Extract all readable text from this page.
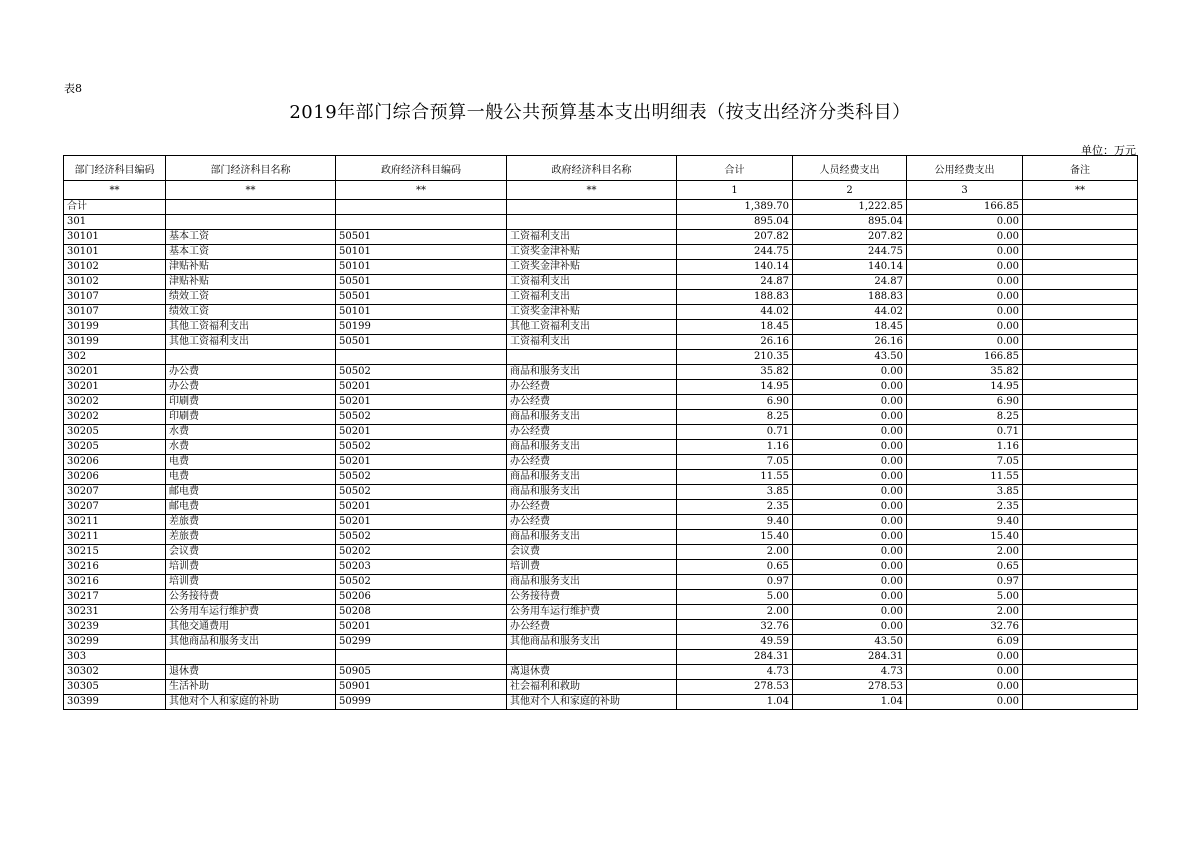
表8
2019年部门综合预算一般公共预算基本支出明细表（按支出经济分类科目）
单位：万元
部门经济科目编码	部门经济科目名称	政府经济科目编码	政府经济科目名称	合计	人员经费支出	公用经费支出	备注
**	**	**	**	1	2	3	**
合计				1,389.70	1,222.85	166.85	
301				895.04	895.04	0.00	
30101	基本工资	50501	工资福利支出	207.82	207.82	0.00	
30101	基本工资	50101	工资奖金津补贴	244.75	244.75	0.00	
30102	津贴补贴	50101	工资奖金津补贴	140.14	140.14	0.00	
30102	津贴补贴	50501	工资福利支出	24.87	24.87	0.00	
30107	绩效工资	50501	工资福利支出	188.83	188.83	0.00	
30107	绩效工资	50101	工资奖金津补贴	44.02	44.02	0.00	
30199	其他工资福利支出	50199	其他工资福利支出	18.45	18.45	0.00	
30199	其他工资福利支出	50501	工资福利支出	26.16	26.16	0.00	
302				210.35	43.50	166.85	
30201	办公费	50502	商品和服务支出	35.82	0.00	35.82	
30201	办公费	50201	办公经费	14.95	0.00	14.95	
30202	印刷费	50201	办公经费	6.90	0.00	6.90	
30202	印刷费	50502	商品和服务支出	8.25	0.00	8.25	
30205	水费	50201	办公经费	0.71	0.00	0.71	
30205	水费	50502	商品和服务支出	1.16	0.00	1.16	
30206	电费	50201	办公经费	7.05	0.00	7.05	
30206	电费	50502	商品和服务支出	11.55	0.00	11.55	
30207	邮电费	50502	商品和服务支出	3.85	0.00	3.85	
30207	邮电费	50201	办公经费	2.35	0.00	2.35	
30211	差旅费	50201	办公经费	9.40	0.00	9.40	
30211	差旅费	50502	商品和服务支出	15.40	0.00	15.40	
30215	会议费	50202	会议费	2.00	0.00	2.00	
30216	培训费	50203	培训费	0.65	0.00	0.65	
30216	培训费	50502	商品和服务支出	0.97	0.00	0.97	
30217	公务接待费	50206	公务接待费	5.00	0.00	5.00	
30231	公务用车运行维护费	50208	公务用车运行维护费	2.00	0.00	2.00	
30239	其他交通费用	50201	办公经费	32.76	0.00	32.76	
30299	其他商品和服务支出	50299	其他商品和服务支出	49.59	43.50	6.09	
303				284.31	284.31	0.00	
30302	退休费	50905	离退休费	4.73	4.73	0.00	
30305	生活补助	50901	社会福利和救助	278.53	278.53	0.00	
30399	其他对个人和家庭的补助	50999	其他对个人和家庭的补助	1.04	1.04	0.00	
